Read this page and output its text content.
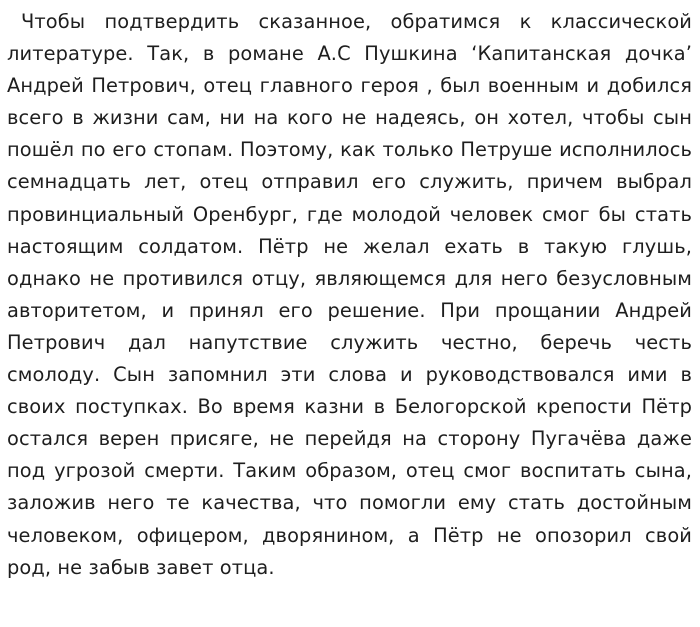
Чтобы подтвердить сказанное, обратимся к классической литературе. Так, в романе А.С Пушкина ‘Капитанская дочка’ Андрей Петрович, отец главного героя , был военным и добился всего в жизни сам, ни на кого не надеясь, он хотел, чтобы сын пошёл по его стопам. Поэтому, как только Петруше исполнилось семнадцать лет, отец отправил его служить, причем выбрал провинциальный Оренбург, где молодой человек смог бы стать настоящим солдатом. Пётр не желал ехать в такую глушь, однако не противился отцу, являющемся для него безусловным авторитетом, и принял его решение. При прощании Андрей Петрович дал напутствие служить честно, беречь честь смолоду. Сын запомнил эти слова и руководствовался ими в своих поступках. Во время казни в Белогорской крепости Пётр остался верен присяге, не перейдя на сторону Пугачёва даже под угрозой смерти. Таким образом, отец смог воспитать сына, заложив него те качества, что помогли ему стать достойным человеком, офицером, дворянином, а Пётр не опозорил свой род, не забыв завет отца.
